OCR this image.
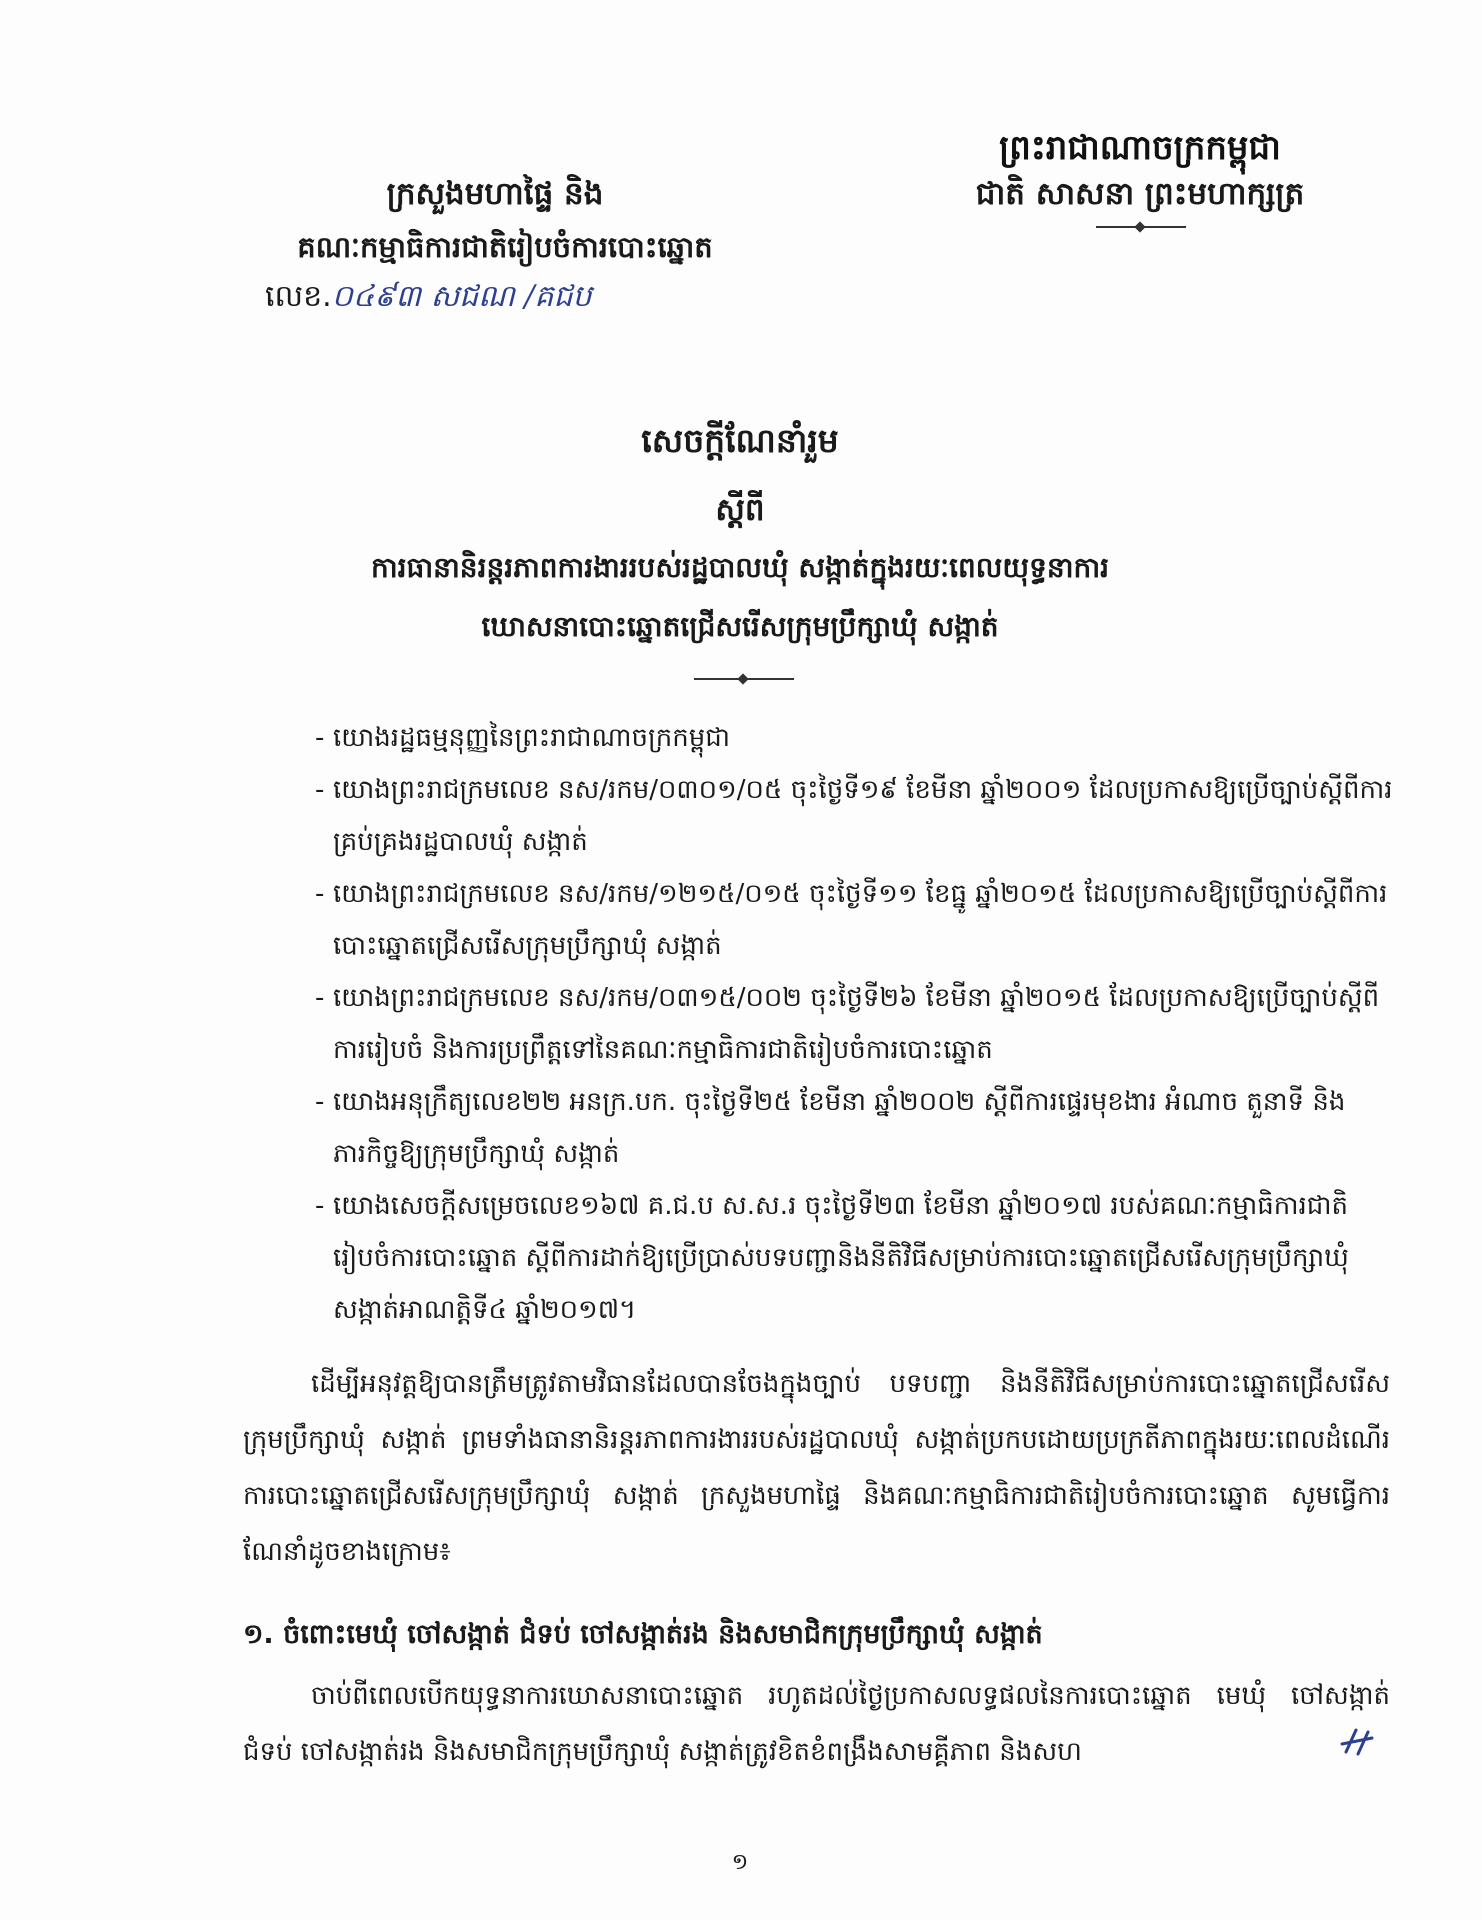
ព្រះរាជាណាចក្រកម្ពុជា
ជាតិ សាសនា ព្រះមហាក្សត្រ
ក្រសួងមហាផ្ទៃ និង
គណៈកម្មាធិការជាតិរៀបចំការបោះឆ្នោត
លេខ.០៤៩៣ សជណ /គជប
សេចក្តីណែនាំរួម
ស្តីពី
ការធានានិរន្តរភាពការងាររបស់រដ្ឋបាលឃុំ សង្កាត់ក្នុងរយៈពេលយុទ្ធនាការ
ឃោសនាបោះឆ្នោតជ្រើសរើសក្រុមប្រឹក្សាឃុំ សង្កាត់
- យោងរដ្ឋធម្មនុញ្ញនៃព្រះរាជាណាចក្រកម្ពុជា
- យោងព្រះរាជក្រមលេខ នស/រកម/០៣០១/០៥ ចុះថ្ងៃទី១៩ ខែមីនា ឆ្នាំ២០០១ ដែលប្រកាសឱ្យប្រើច្បាប់ស្តីពីការគ្រប់គ្រងរដ្ឋបាលឃុំ សង្កាត់
- យោងព្រះរាជក្រមលេខ នស/រកម/១២១៥/០១៥ ចុះថ្ងៃទី១១ ខែធ្នូ ឆ្នាំ២០១៥ ដែលប្រកាសឱ្យប្រើច្បាប់ស្តីពីការបោះឆ្នោតជ្រើសរើសក្រុមប្រឹក្សាឃុំ សង្កាត់
- យោងព្រះរាជក្រមលេខ នស/រកម/០៣១៥/០០២ ចុះថ្ងៃទី២៦ ខែមីនា ឆ្នាំ២០១៥ ដែលប្រកាសឱ្យប្រើច្បាប់ស្តីពីការរៀបចំ និងការប្រព្រឹត្តទៅនៃគណៈកម្មាធិការជាតិរៀបចំការបោះឆ្នោត
- យោងអនុក្រឹត្យលេខ២២ អនក្រ.បក. ចុះថ្ងៃទី២៥ ខែមីនា ឆ្នាំ២០០២ ស្តីពីការផ្ទេរមុខងារ អំណាច តួនាទី និងភារកិច្ចឱ្យក្រុមប្រឹក្សាឃុំ សង្កាត់
- យោងសេចក្តីសម្រេចលេខ១៦៧ គ.ជ.ប ស.ស.រ ចុះថ្ងៃទី២៣ ខែមីនា ឆ្នាំ២០១៧ របស់គណៈកម្មាធិការជាតិរៀបចំការបោះឆ្នោត ស្តីពីការដាក់ឱ្យប្រើប្រាស់បទបញ្ជានិងនីតិវិធីសម្រាប់ការបោះឆ្នោតជ្រើសរើសក្រុមប្រឹក្សាឃុំ សង្កាត់អាណត្តិទី៤ ឆ្នាំ២០១៧។

ដើម្បីអនុវត្តឱ្យបានត្រឹមត្រូវតាមវិធានដែលបានចែងក្នុងច្បាប់ បទបញ្ជា និងនីតិវិធីសម្រាប់ការបោះឆ្នោតជ្រើសរើសក្រុមប្រឹក្សាឃុំ សង្កាត់ ព្រមទាំងធានានិរន្តរភាពការងាររបស់រដ្ឋបាលឃុំ សង្កាត់ប្រកបដោយប្រក្រតីភាពក្នុងរយៈពេលដំណើរការបោះឆ្នោតជ្រើសរើសក្រុមប្រឹក្សាឃុំ សង្កាត់ ក្រសួងមហាផ្ទៃ និងគណៈកម្មាធិការជាតិរៀបចំការបោះឆ្នោត សូមធ្វើការណែនាំដូចខាងក្រោម៖

១. ចំពោះមេឃុំ ចៅសង្កាត់ ជំទប់ ចៅសង្កាត់រង និងសមាជិកក្រុមប្រឹក្សាឃុំ សង្កាត់

ចាប់ពីពេលបើកយុទ្ធនាការឃោសនាបោះឆ្នោត រហូតដល់ថ្ងៃប្រកាសលទ្ធផលនៃការបោះឆ្នោត មេឃុំ ចៅសង្កាត់ ជំទប់ ចៅសង្កាត់រង និងសមាជិកក្រុមប្រឹក្សាឃុំ សង្កាត់ត្រូវខិតខំពង្រឹងសាមគ្គីភាព និងសហ

១
